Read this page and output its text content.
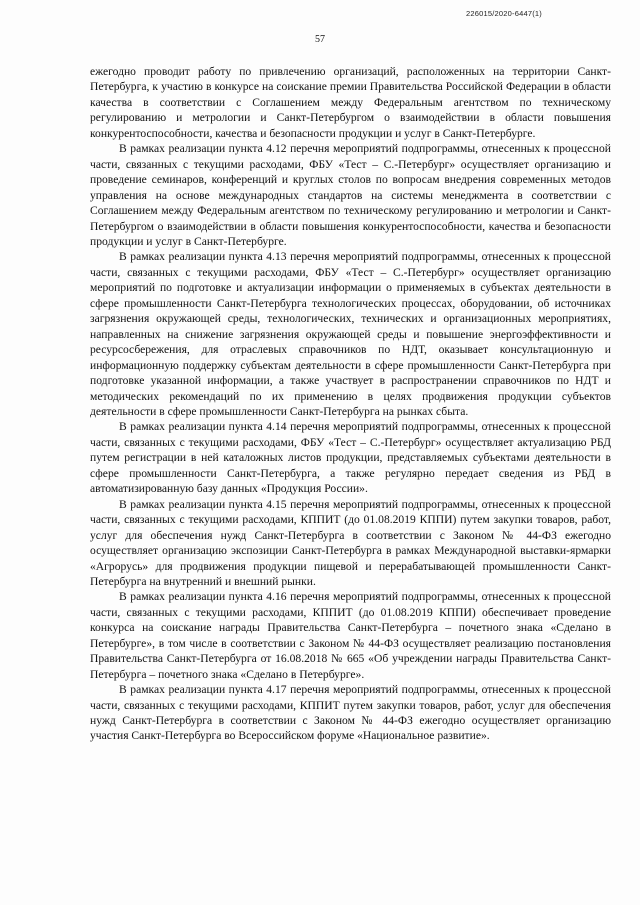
226015/2020-6447(1)
57

ежегодно проводит работу по привлечению организаций, расположенных на территории Санкт-Петербурга, к участию в конкурсе на соискание премии Правительства Российской Федерации в области качества в соответствии с Соглашением между Федеральным агентством по техническому регулированию и метрологии и Санкт-Петербургом о взаимодействии в области повышения конкурентоспособности, качества и безопасности продукции и услуг в Санкт-Петербурге.

В рамках реализации пункта 4.12 перечня мероприятий подпрограммы, отнесенных к процессной части, связанных с текущими расходами, ФБУ «Тест – С.-Петербург» осуществляет организацию и проведение семинаров, конференций и круглых столов по вопросам внедрения современных методов управления на основе международных стандартов на системы менеджмента в соответствии с Соглашением между Федеральным агентством по техническому регулированию и метрологии и Санкт-Петербургом о взаимодействии в области повышения конкурентоспособности, качества и безопасности продукции и услуг в Санкт-Петербурге.

В рамках реализации пункта 4.13 перечня мероприятий подпрограммы, отнесенных к процессной части, связанных с текущими расходами, ФБУ «Тест – С.-Петербург» осуществляет организацию мероприятий по подготовке и актуализации информации о применяемых в субъектах деятельности в сфере промышленности Санкт-Петербурга технологических процессах, оборудовании, об источниках загрязнения окружающей среды, технологических, технических и организационных мероприятиях, направленных на снижение загрязнения окружающей среды и повышение энергоэффективности и ресурсосбережения, для отраслевых справочников по НДТ, оказывает консультационную и информационную поддержку субъектам деятельности в сфере промышленности Санкт-Петербурга при подготовке указанной информации, а также участвует в распространении справочников по НДТ и методических рекомендаций по их применению в целях продвижения продукции субъектов деятельности в сфере промышленности Санкт-Петербурга на рынках сбыта.

В рамках реализации пункта 4.14 перечня мероприятий подпрограммы, отнесенных к процессной части, связанных с текущими расходами, ФБУ «Тест – С.-Петербург» осуществляет актуализацию РБД путем регистрации в ней каталожных листов продукции, представляемых субъектами деятельности в сфере промышленности Санкт-Петербурга, а также регулярно передает сведения из РБД в автоматизированную базу данных «Продукция России».

В рамках реализации пункта 4.15 перечня мероприятий подпрограммы, отнесенных к процессной части, связанных с текущими расходами, КППИТ (до 01.08.2019 КППИ) путем закупки товаров, работ, услуг для обеспечения нужд Санкт-Петербурга в соответствии с Законом № 44-ФЗ ежегодно осуществляет организацию экспозиции Санкт-Петербурга в рамках Международной выставки-ярмарки «Агрорусь» для продвижения продукции пищевой и перерабатывающей промышленности Санкт-Петербурга на внутренний и внешний рынки.

В рамках реализации пункта 4.16 перечня мероприятий подпрограммы, отнесенных к процессной части, связанных с текущими расходами, КППИТ (до 01.08.2019 КППИ) обеспечивает проведение конкурса на соискание награды Правительства Санкт-Петербурга – почетного знака «Сделано в Петербурге», в том числе в соответствии с Законом № 44-ФЗ осуществляет реализацию постановления Правительства Санкт-Петербурга от 16.08.2018 № 665 «Об учреждении награды Правительства Санкт-Петербурга – почетного знака «Сделано в Петербурге».

В рамках реализации пункта 4.17 перечня мероприятий подпрограммы, отнесенных к процессной части, связанных с текущими расходами, КППИТ путем закупки товаров, работ, услуг для обеспечения нужд Санкт-Петербурга в соответствии с Законом № 44-ФЗ ежегодно осуществляет организацию участия Санкт-Петербурга во Всероссийском форуме «Национальное развитие».
